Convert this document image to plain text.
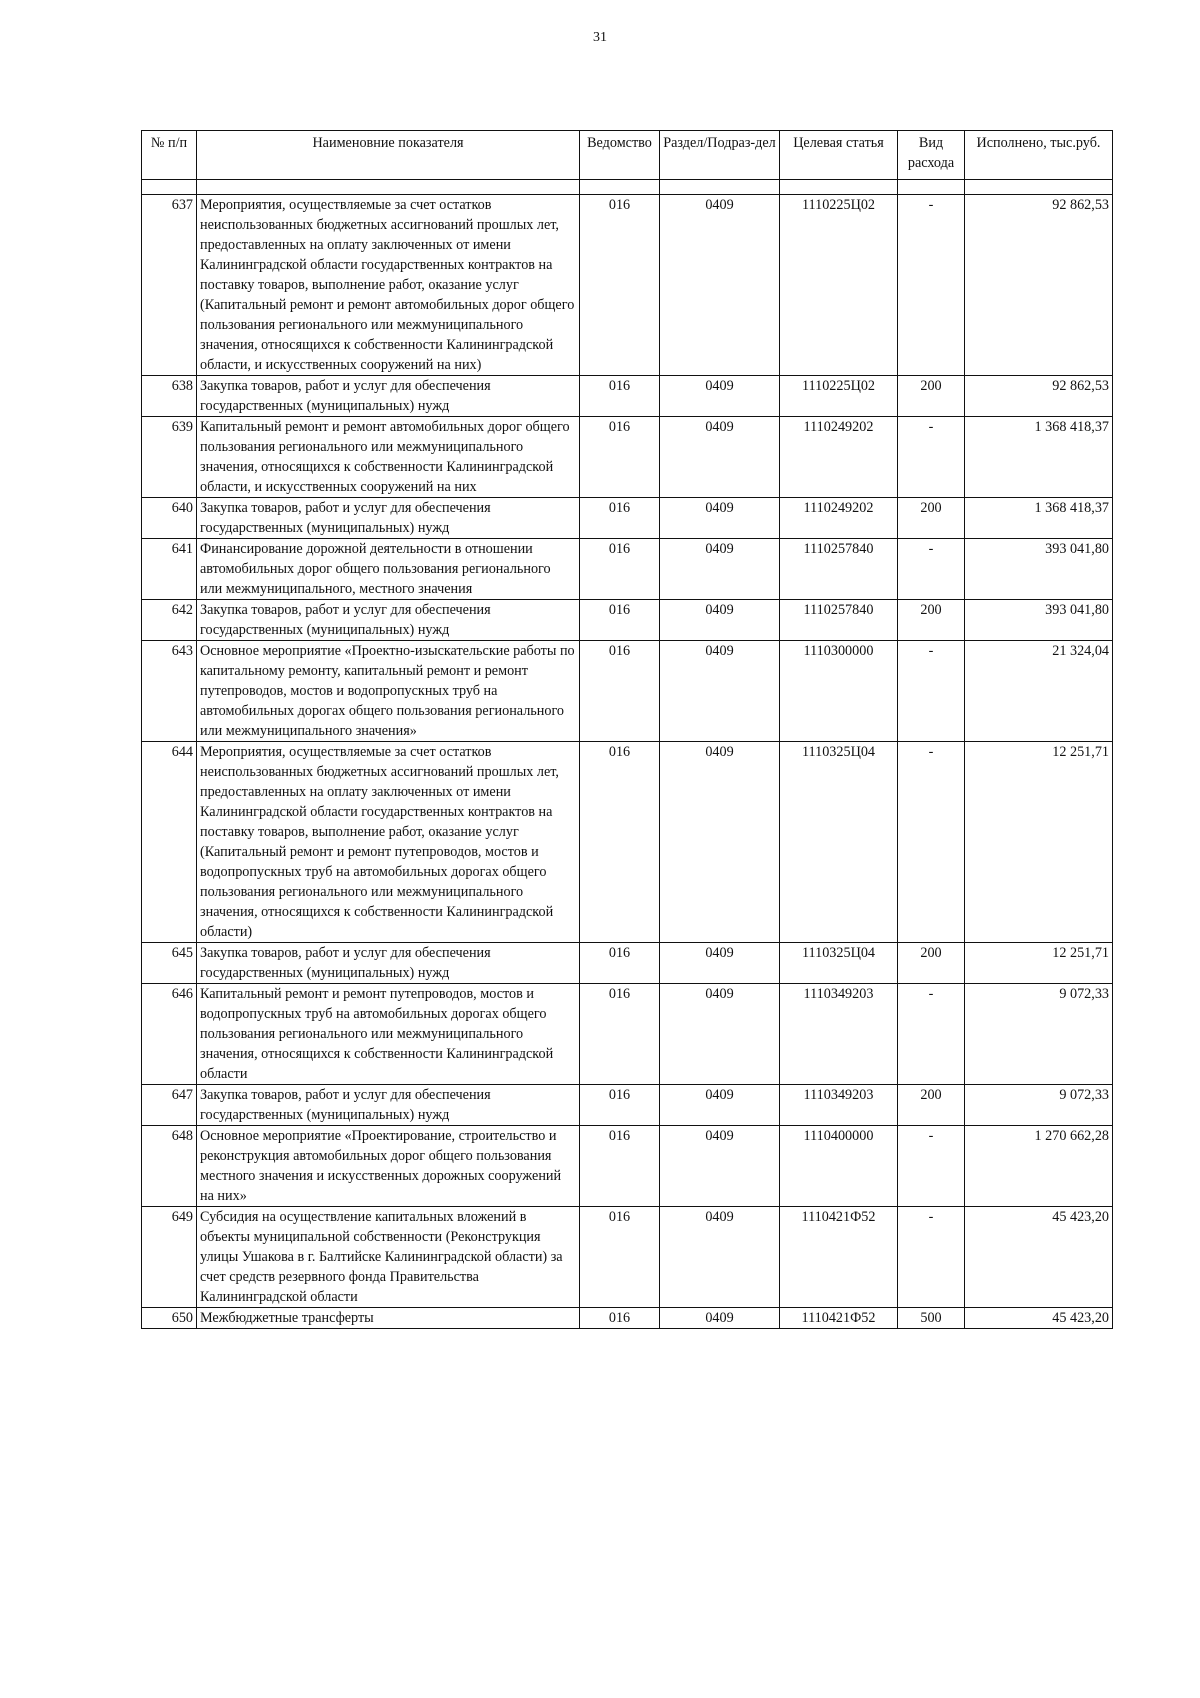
31
№ п/п	Наименовние показателя	Ведомство	Раздел/Подраз-дел	Целевая статья	Вид расхода	Исполнено, тыс.руб.

637	Мероприятия, осуществляемые за счет остатков неиспользованных бюджетных ассигнований прошлых лет, предоставленных на оплату заключенных от имени Калининградской области государственных контрактов на поставку товаров, выполнение работ, оказание услуг (Капитальный ремонт и ремонт автомобильных дорог общего пользования регионального или межмуниципального значения, относящихся к собственности Калининградской области, и искусственных сооружений на них)	016	0409	1110225Ц02	-	92 862,53
638	Закупка товаров, работ и услуг для обеспечения государственных (муниципальных) нужд	016	0409	1110225Ц02	200	92 862,53
639	Капитальный ремонт и ремонт автомобильных дорог общего пользования регионального или межмуниципального значения, относящихся к собственности Калининградской области, и искусственных сооружений на них	016	0409	1110249202	-	1 368 418,37
640	Закупка товаров, работ и услуг для обеспечения государственных (муниципальных) нужд	016	0409	1110249202	200	1 368 418,37
641	Финансирование дорожной деятельности в отношении автомобильных дорог общего пользования регионального или межмуниципального, местного значения	016	0409	1110257840	-	393 041,80
642	Закупка товаров, работ и услуг для обеспечения государственных (муниципальных) нужд	016	0409	1110257840	200	393 041,80
643	Основное мероприятие «Проектно-изыскательские работы по капитальному ремонту, капитальный ремонт и ремонт путепроводов, мостов и водопропускных труб на автомобильных дорогах общего пользования регионального или межмуниципального значения»	016	0409	1110300000	-	21 324,04
644	Мероприятия, осуществляемые за счет остатков неиспользованных бюджетных ассигнований прошлых лет, предоставленных на оплату заключенных от имени Калининградской области государственных контрактов на поставку товаров, выполнение работ, оказание услуг (Капитальный ремонт и ремонт путепроводов, мостов и водопропускных труб на автомобильных дорогах общего пользования регионального или межмуниципального значения, относящихся к собственности Калининградской области)	016	0409	1110325Ц04	-	12 251,71
645	Закупка товаров, работ и услуг для обеспечения государственных (муниципальных) нужд	016	0409	1110325Ц04	200	12 251,71
646	Капитальный ремонт и ремонт путепроводов, мостов и водопропускных труб на автомобильных дорогах общего пользования регионального или межмуниципального значения, относящихся к собственности Калининградской области	016	0409	1110349203	-	9 072,33
647	Закупка товаров, работ и услуг для обеспечения государственных (муниципальных) нужд	016	0409	1110349203	200	9 072,33
648	Основное мероприятие «Проектирование, строительство и реконструкция автомобильных дорог общего пользования местного значения и искусственных дорожных сооружений на них»	016	0409	1110400000	-	1 270 662,28
649	Субсидия на осуществление капитальных вложений в объекты муниципальной собственности (Реконструкция улицы Ушакова в г. Балтийске Калининградской области) за счет средств резервного фонда Правительства Калининградской области	016	0409	1110421Ф52	-	45 423,20
650	Межбюджетные трансферты	016	0409	1110421Ф52	500	45 423,20
